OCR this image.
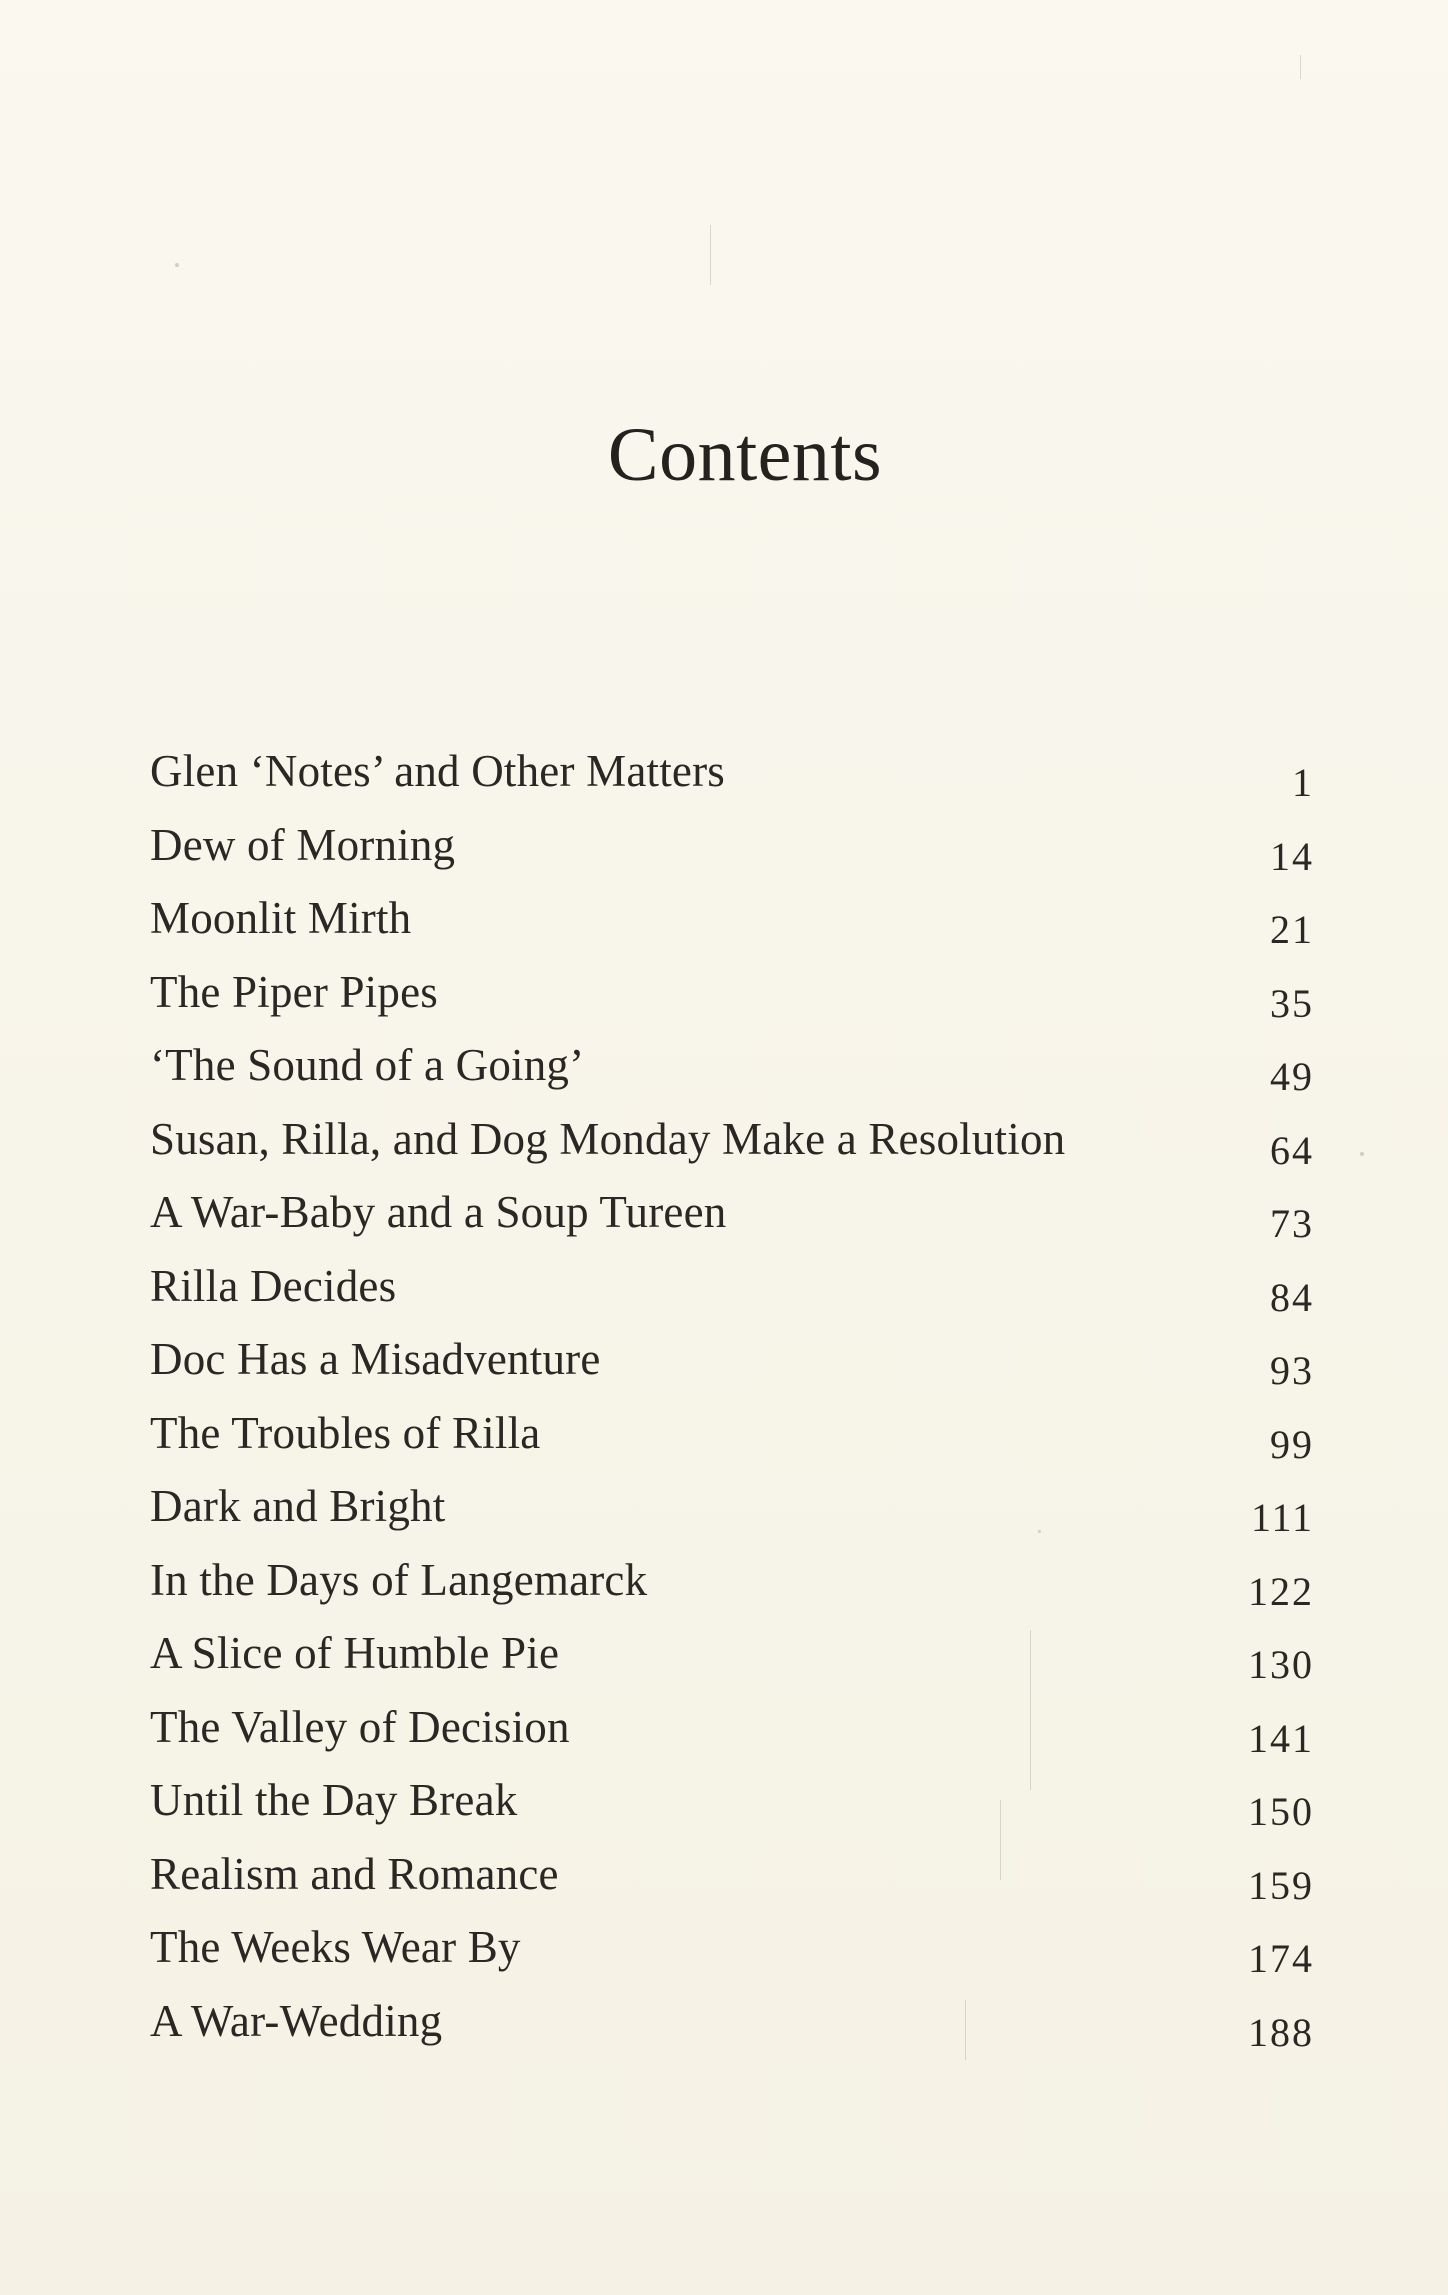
Contents
Glen ‘Notes’ and Other Matters	1
Dew of Morning	14
Moonlit Mirth	21
The Piper Pipes	35
‘The Sound of a Going’	49
Susan, Rilla, and Dog Monday Make a Resolution	64
A War-Baby and a Soup Tureen	73
Rilla Decides	84
Doc Has a Misadventure	93
The Troubles of Rilla	99
Dark and Bright	111
In the Days of Langemarck	122
A Slice of Humble Pie	130
The Valley of Decision	141
Until the Day Break	150
Realism and Romance	159
The Weeks Wear By	174
A War-Wedding	188
